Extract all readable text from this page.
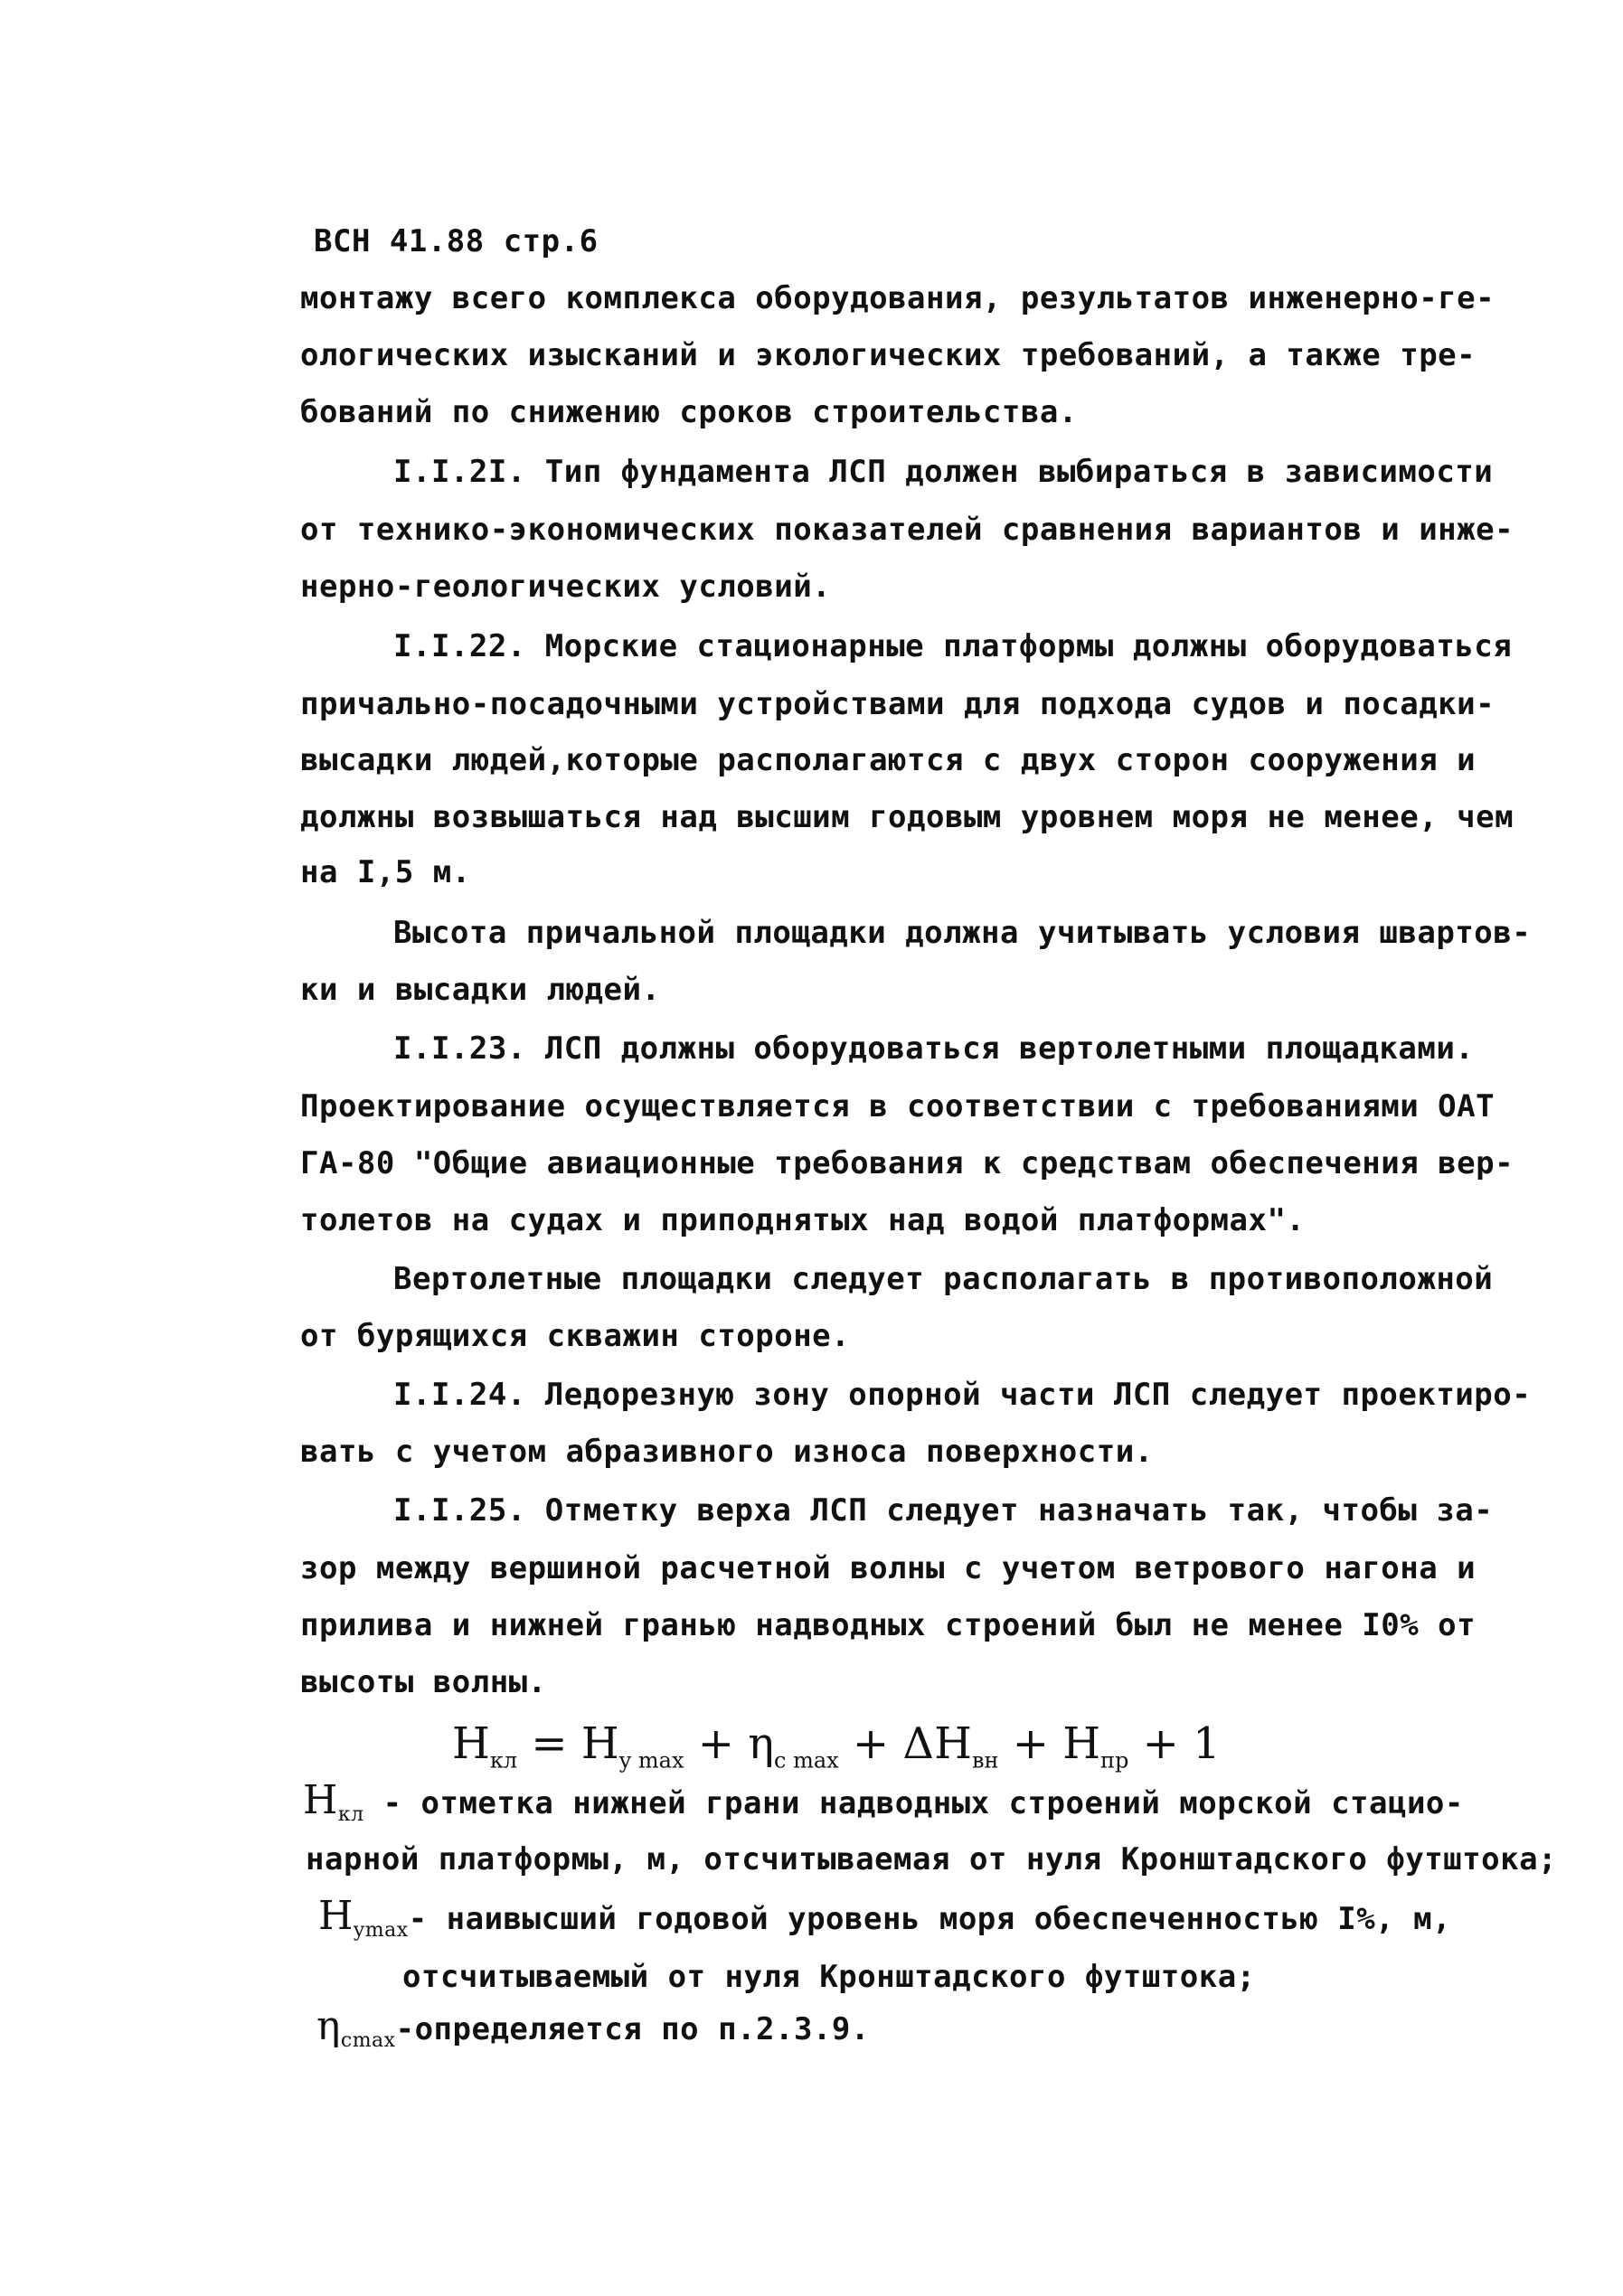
ВСН 41.88 стр.6
монтажу всего комплекса оборудования, результатов инженерно-ге-
ологических изысканий и экологических требований, а также тре-
бований по снижению сроков строительства.
I.I.2I. Тип фундамента ЛСП должен выбираться в зависимости
от технико-экономических показателей сравнения вариантов и инже-
нерно-геологических условий.
I.I.22. Морские стационарные платформы должны оборудоваться
причально-посадочными устройствами для подхода судов и посадки-
высадки людей,которые располагаются с двух сторон сооружения и
должны возвышаться над высшим годовым уровнем моря не менее, чем
на I,5 м.
Высота причальной площадки должна учитывать условия швартов-
ки и высадки людей.
I.I.23. ЛСП должны оборудоваться вертолетными площадками.
Проектирование осуществляется в соответствии с требованиями ОАТ
ГА-80 "Общие авиационные требования к средствам обеспечения вер-
толетов на судах и приподнятых над водой платформах".
Вертолетные площадки следует располагать в противоположной
от бурящихся скважин стороне.
I.I.24. Ледорезную зону опорной части ЛСП следует проектиро-
вать с учетом абразивного износа поверхности.
I.I.25. Отметку верха ЛСП следует назначать так, чтобы за-
зор между вершиной расчетной волны с учетом ветрового нагона и
прилива и нижней гранью надводных строений был не менее I0% от
высоты волны.
$H_{кл} = H_{y max} + \eta_{c max} + \Delta H_{вн} + H_{пр} + 1$
$H_{кл}$ - отметка нижней грани надводных строений морской стацио-
нарной платформы, м, отсчитываемая от нуля Кронштадского футштока;
$H_{ymax}-$ наивысший годовой уровень моря обеспеченностью I%, м,
отсчитываемый от нуля Кронштадского футштока;
$\eta_{cmax}$-определяется по п.2.3.9.
